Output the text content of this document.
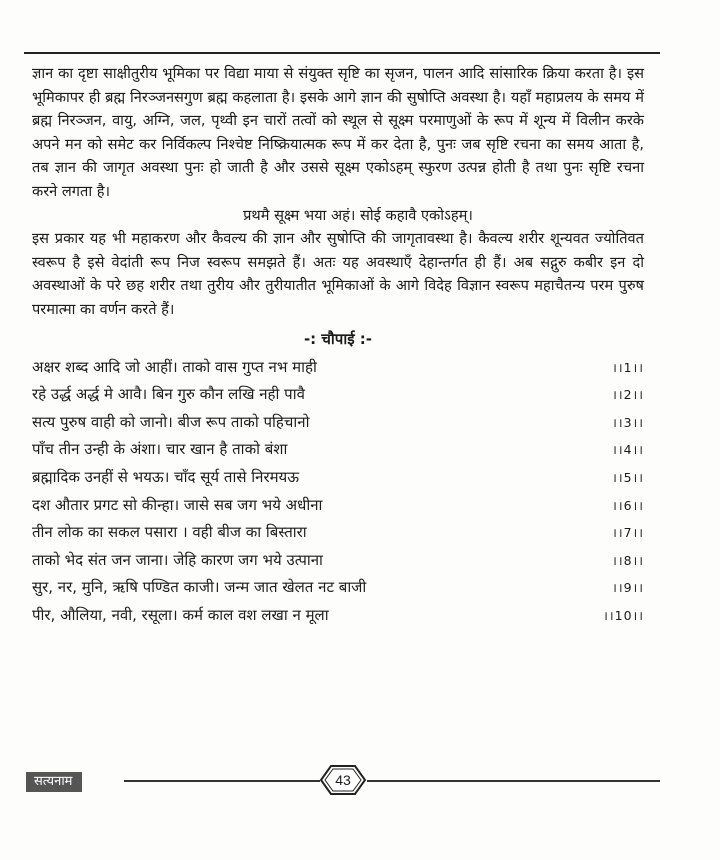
ज्ञान का दृष्टा साक्षीतुरीय भूमिका पर विद्या माया से संयुक्त सृष्टि का सृजन, पालन आदि सांसारिक क्रिया करता है। इस भूमिकापर ही ब्रह्म निरञ्जनसगुण ब्रह्म कहलाता है। इसके आगे ज्ञान की सुषोप्ति अवस्था है। यहाँ महाप्रलय के समय में ब्रह्म निरञ्जन, वायु, अग्नि, जल, पृथ्वी इन चारों तत्वों को स्थूल से सूक्ष्म परमाणुओं के रूप में शून्य में विलीन करके अपने मन को समेट कर निर्विकल्प निश्चेष्ट निष्क्रियात्मक रूप में कर देता है, पुनः जब सृष्टि रचना का समय आता है, तब ज्ञान की जागृत अवस्था पुनः हो जाती है और उससे सूक्ष्म एकोऽहम् स्फुरण उत्पन्न होती है तथा पुनः सृष्टि रचना करने लगता है।

प्रथमै सूक्ष्म भया अहं। सोई कहावै एकोऽहम्।

इस प्रकार यह भी महाकरण और कैवल्य की ज्ञान और सुषोप्ति की जागृतावस्था है। कैवल्य शरीर शून्यवत ज्योतिवत स्वरूप है इसे वेदांती रूप निज स्वरूप समझते हैं। अतः यह अवस्थाएँ देहान्तर्गत ही हैं। अब सद्गुरु कबीर इन दो अवस्थाओं के परे छह शरीर तथा तुरीय और तुरीयातीत भूमिकाओं के आगे विदेह विज्ञान स्वरूप महाचैतन्य परम पुरुष परमात्मा का वर्णन करते हैं।

-: चौपाई :-
अक्षर शब्द आदि जो आहीं। ताको वास गुप्त नभ माही	।।1।।
रहे उर्द्ध अर्द्ध मे आवै। बिन गुरु कौन लखि नही पावै	।।2।।
सत्य पुरुष वाही को जानो। बीज रूप ताको पहिचानो	।।3।।
पाँच तीन उन्ही के अंशा। चार खान है ताको बंशा	।।4।।
ब्रह्मादिक उनहीं से भयऊ। चाँद सूर्य तासे निरमयऊ	।।5।।
दश औतार प्रगट सो कीन्हा। जासे सब जग भये अधीना	।।6।।
तीन लोक का सकल पसारा । वही बीज का बिस्तारा	।।7।।
ताको भेद संत जन जाना। जेहि कारण जग भये उत्पाना	।।8।।
सुर, नर, मुनि, ऋषि पण्डित काजी। जन्म जात खेलत नट बाजी	।।9।।
पीर, औलिया, नवी, रसूला। कर्म काल वश लखा न मूला	।।10।।
सत्यनाम	43
